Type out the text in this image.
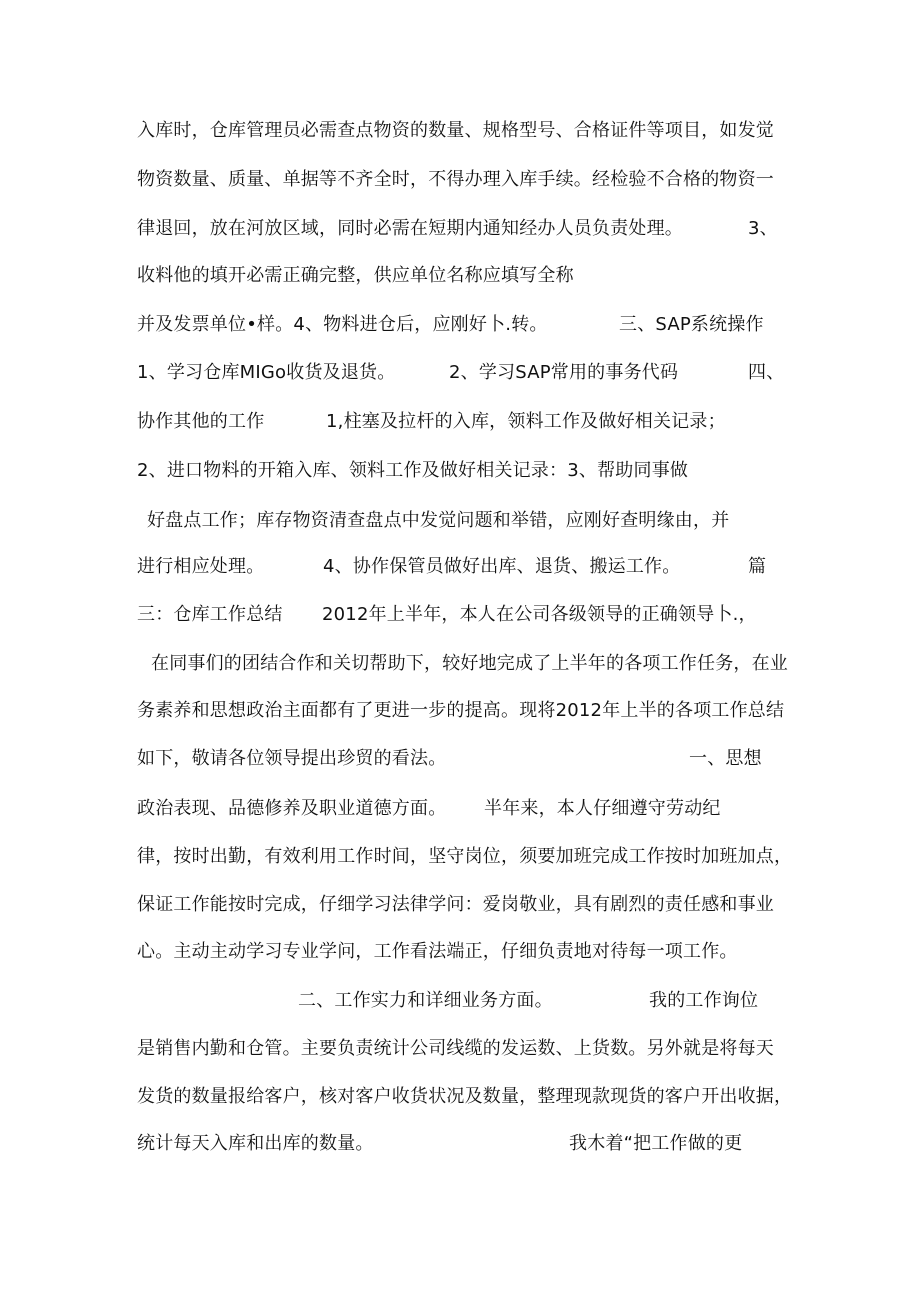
入库时，仓库管理员必需查点物资的数量、规格型号、合格证件等项目，如发觉
物资数量、质量、单据等不齐全时，不得办理入库手续。经检验不合格的物资一
律退回，放在河放区域，同时必需在短期内通知经办人员负责处理。	3、
收料他的填开必需正确完整，供应单位名称应填写全称
并及发票单位•样。4、物料进仓后，应刚好卜.转。	三、SAP系统操作
1、学习仓库MIGo收货及退货。	2、学习SAP常用的事务代码	四、
协作其他的工作	1,柱塞及拉杆的入库，领料工作及做好相关记录；
2、进口物料的开箱入库、领料工作及做好相关记录：3、帮助同事做
好盘点工作；库存物资清查盘点中发觉问题和举错，应刚好查明缘由，并
进行相应处理。	4、协作保管员做好出库、退货、搬运工作。	篇
三：仓库工作总结 2012年上半年，本人在公司各级领导的正确领导卜.，
在同事们的团结合作和关切帮助下，较好地完成了上半年的各项工作任务，在业
务素养和思想政治主面都有了更进一步的提高。现将2012年上半的各项工作总结
如下，敬请各位领导提出珍贸的看法。	一、思想
政治表现、品德修养及职业道德方面。 半年来，本人仔细遵守劳动纪
律，按时出勤，有效利用工作时间，坚守岗位，须要加班完成工作按时加班加点，
保证工作能按时完成，仔细学习法律学问：爱岗敬业，具有剧烈的责任感和事业
心。主动主动学习专业学问，工作看法端正，仔细负责地对待每一项工作。
二、工作实力和详细业务方面。	我的工作询位
是销售内勤和仓管。主要负责统计公司线缆的发运数、上货数。另外就是将每天
发货的数量报给客户，核对客户收货状况及数量，整理现款现货的客户开出收据，
统计每天入库和出库的数量。	我木着“把工作做的更
